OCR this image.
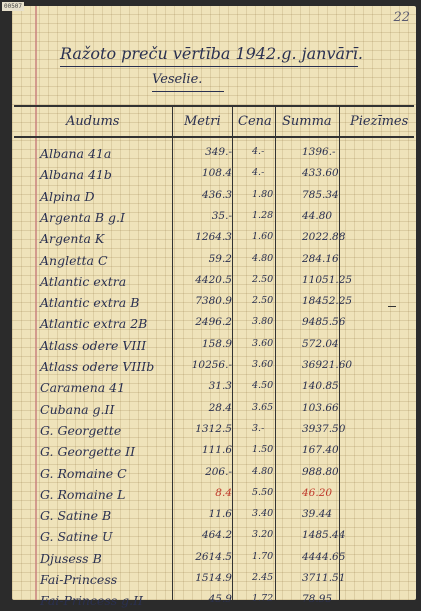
00507
22
Ražoto preču vērtība 1942.g. janvārī.
Veselie.
Audums	Metri Cena Summa Piezīmes
Albana 41a	349.- 4.-	1396.-
Albana 41b	108.4 4.-	433.60
Alpina D	436.3 1.80	785.34
Argenta B g.I	35.- 1.28	44.80
Argenta K	1264.3 1.60	2022.88
Angletta C	59.2 4.80	284.16
Atlantic extra	4420.5 2.50	11051.25
Atlantic extra B	7380.9 2.50	18452.25
Atlantic extra 2B	2496.2 3.80	9485.56
Atlass odere VIII	158.9 3.60	572.04
Atlass odere VIIIb	10256.- 3.60	36921.60
Caramena 41	31.3 4.50	140.85
Cubana g.II	28.4 3.65	103.66
G. Georgette	1312.5 3.-	3937.50
G. Georgette II	111.6 1.50	167.40
G. Romaine C	206.- 4.80	988.80
G. Romaine L	8.4 5.50	46.20
G. Satine B	11.6 3.40	39.44
G. Satine U	464.2 3.20	1485.44
Djusess B	2614.5 1.70	4444.65
Fai-Princess	1514.9 2.45	3711.51
Fai-Princess g.II	45.9 1.72	78.95
